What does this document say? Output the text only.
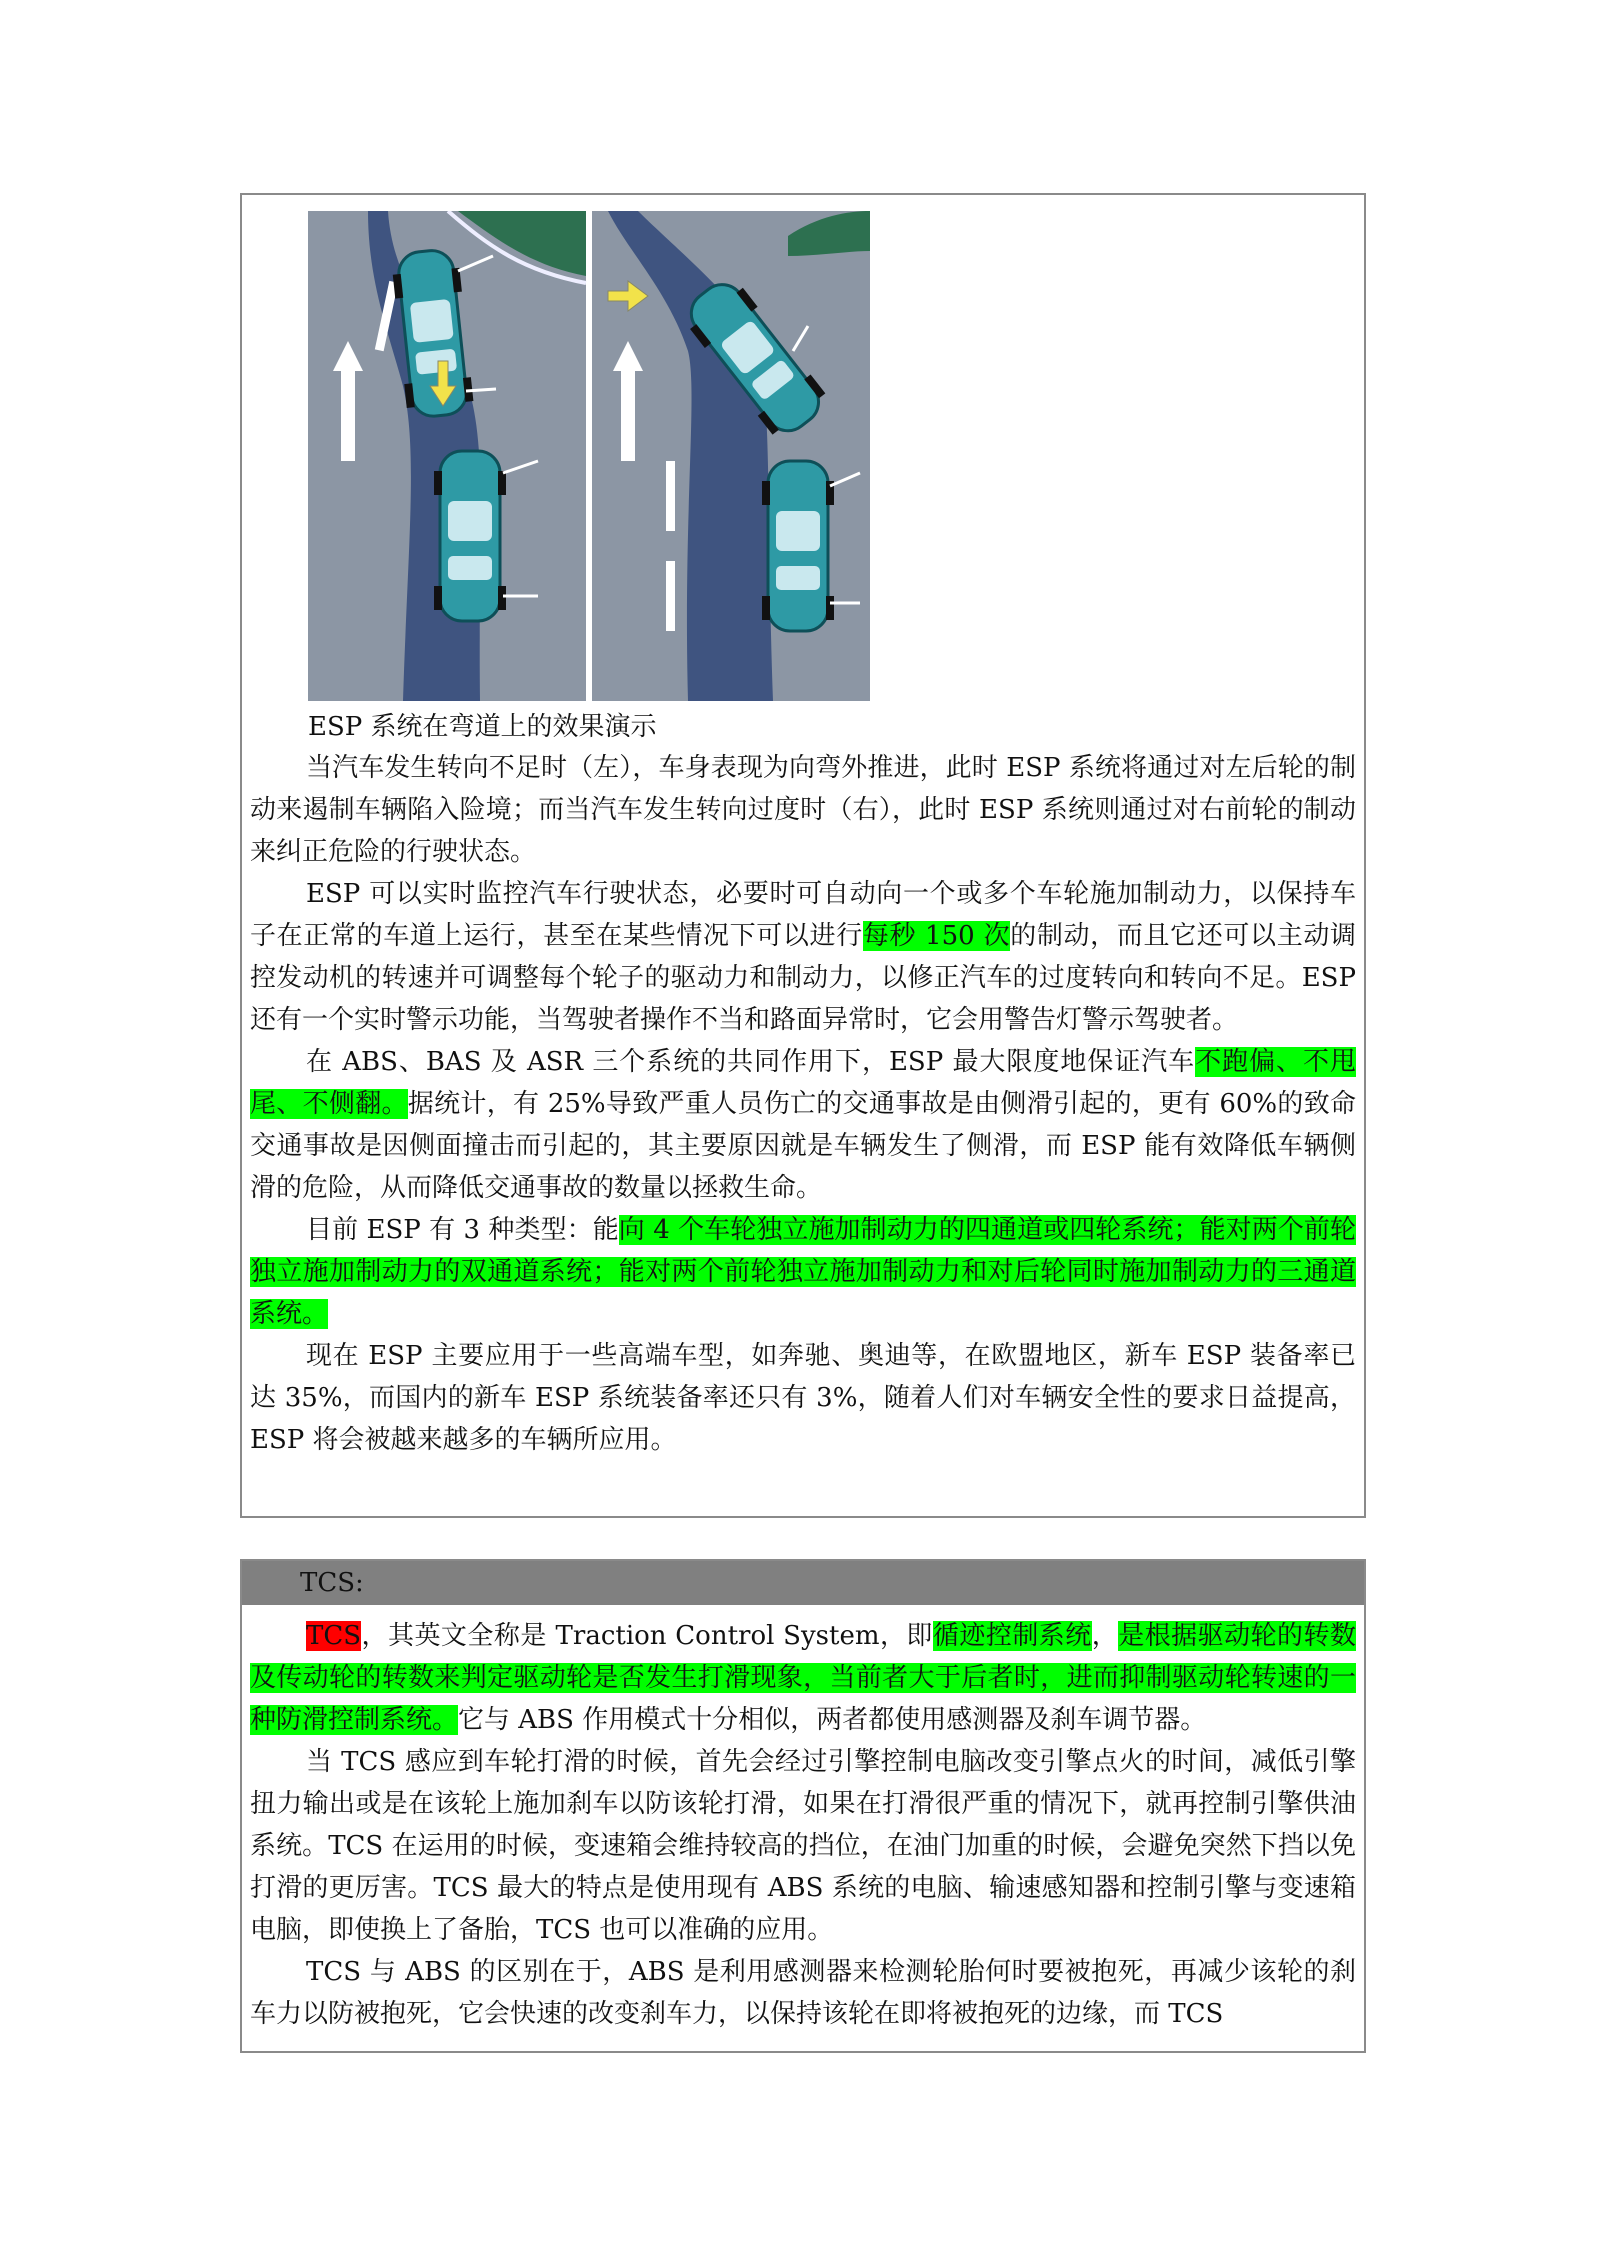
ESP 系统在弯道上的效果演示

当汽车发生转向不足时（左），车身表现为向弯外推进，此时 ESP 系统将通过对左后轮的制动来遏制车辆陷入险境；而当汽车发生转向过度时（右），此时 ESP 系统则通过对右前轮的制动来纠正危险的行驶状态。

ESP 可以实时监控汽车行驶状态，必要时可自动向一个或多个车轮施加制动力，以保持车子在正常的车道上运行，甚至在某些情况下可以进行每秒 150 次的制动，而且它还可以主动调控发动机的转速并可调整每个轮子的驱动力和制动力，以修正汽车的过度转向和转向不足。ESP 还有一个实时警示功能，当驾驶者操作不当和路面异常时，它会用警告灯警示驾驶者。

在 ABS、BAS 及 ASR 三个系统的共同作用下，ESP 最大限度地保证汽车不跑偏、不甩尾、不侧翻。据统计，有 25%导致严重人员伤亡的交通事故是由侧滑引起的，更有 60%的致命交通事故是因侧面撞击而引起的，其主要原因就是车辆发生了侧滑，而 ESP 能有效降低车辆侧滑的危险，从而降低交通事故的数量以拯救生命。

目前 ESP 有 3 种类型：能向 4 个车轮独立施加制动力的四通道或四轮系统；能对两个前轮独立施加制动力的双通道系统；能对两个前轮独立施加制动力和对后轮同时施加制动力的三通道系统。

现在 ESP 主要应用于一些高端车型，如奔驰、奥迪等，在欧盟地区，新车 ESP 装备率已达 35%，而国内的新车 ESP 系统装备率还只有 3%，随着人们对车辆安全性的要求日益提高，ESP 将会被越来越多的车辆所应用。

TCS:

TCS，其英文全称是 Traction Control System，即循迹控制系统，是根据驱动轮的转数及传动轮的转数来判定驱动轮是否发生打滑现象，当前者大于后者时，进而抑制驱动轮转速的一种防滑控制系统。它与 ABS 作用模式十分相似，两者都使用感测器及刹车调节器。

当 TCS 感应到车轮打滑的时候，首先会经过引擎控制电脑改变引擎点火的时间，减低引擎扭力输出或是在该轮上施加刹车以防该轮打滑，如果在打滑很严重的情况下，就再控制引擎供油系统。TCS 在运用的时候，变速箱会维持较高的挡位，在油门加重的时候，会避免突然下挡以免打滑的更厉害。TCS 最大的特点是使用现有 ABS 系统的电脑、输速感知器和控制引擎与变速箱电脑，即使换上了备胎，TCS 也可以准确的应用。

TCS 与 ABS 的区别在于，ABS 是利用感测器来检测轮胎何时要被抱死，再减少该轮的刹车力以防被抱死，它会快速的改变刹车力，以保持该轮在即将被抱死的边缘，而 TCS
